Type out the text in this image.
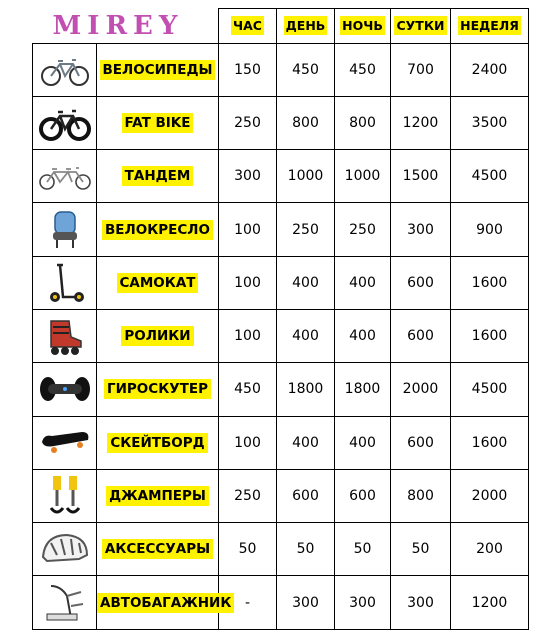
MIREY		ЧАС	ДЕНЬ	НОЧЬ	СУТКИ	НЕДЕЛЯ

	ВЕЛОСИПЕДЫ	150	450	450	700	2400

	FAT BIKE	250	800	800	1200	3500

	ТАНДЕМ	300	1000	1000	1500	4500

	ВЕЛОКРЕСЛО	100	250	250	300	900

	САМОКАТ	100	400	400	600	1600

	РОЛИКИ	100	400	400	600	1600

	ГИРОСКУТЕР	450	1800	1800	2000	4500

	СКЕЙТБОРД	100	400	400	600	1600

	ДЖАМПЕРЫ	250	600	600	800	2000

	АКСЕССУАРЫ	50	50	50	50	200

	АВТОБАГАЖНИК	-	300	300	300	1200
